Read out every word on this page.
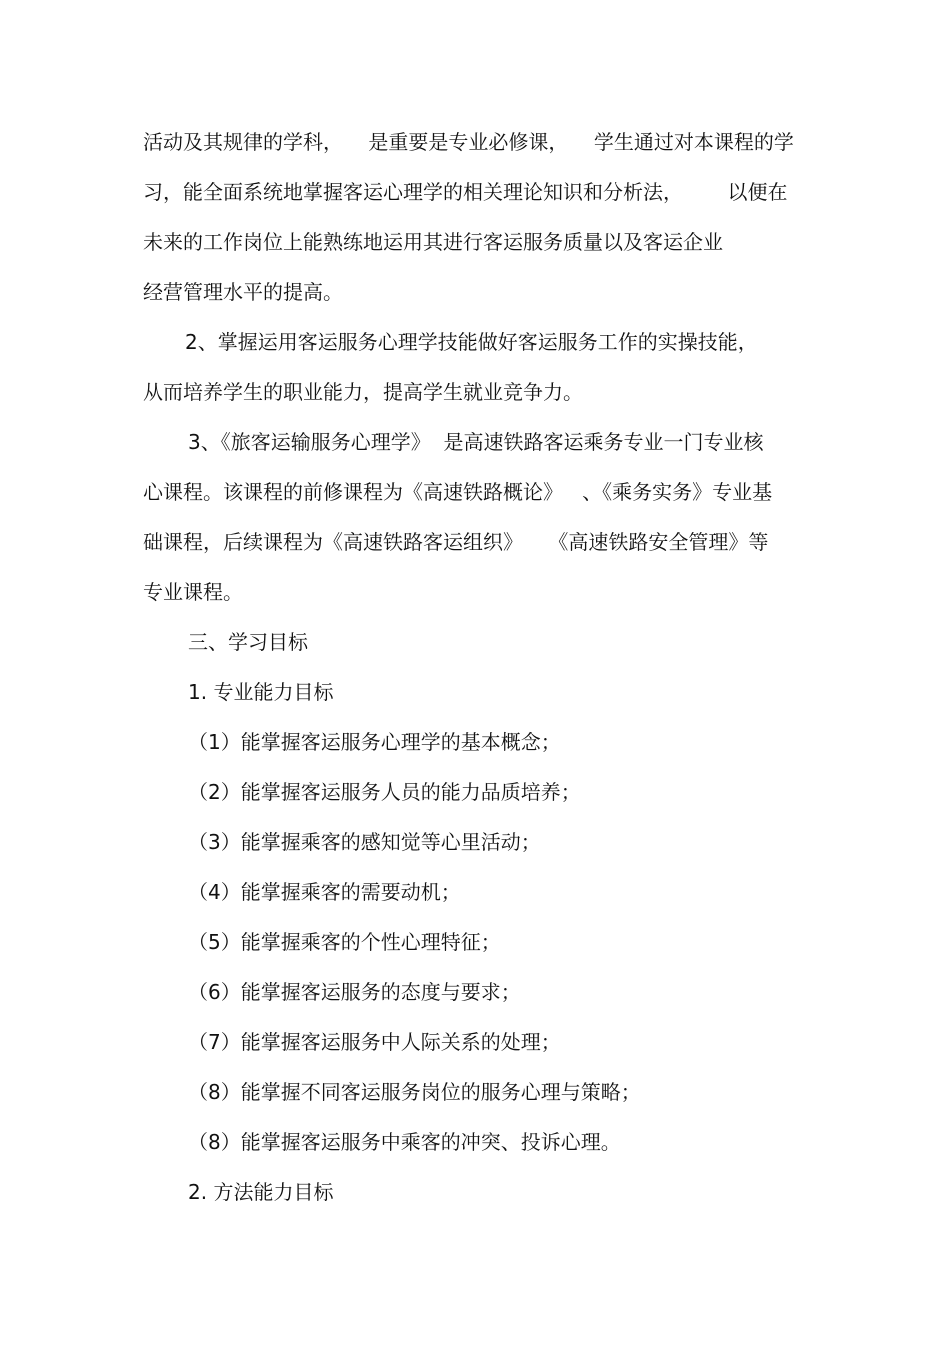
活动及其规律的学科，    是重要是专业必修课，    学生通过对本课程的学
习，能全面系统地掌握客运心理学的相关理论知识和分析法，       以便在
未来的工作岗位上能熟练地运用其进行客运服务质量以及客运企业
经营管理水平的提高。
2、掌握运用客运服务心理学技能做好客运服务工作的实操技能，
从而培养学生的职业能力，提高学生就业竞争力。
3、《旅客运输服务心理学》  是高速铁路客运乘务专业一门专业核
心课程。该课程的前修课程为《高速铁路概论》   、《乘务实务》专业基
础课程，后续课程为《高速铁路客运组织》    《高速铁路安全管理》等
专业课程。
三、学习目标
1. 专业能力目标
（1）能掌握客运服务心理学的基本概念；
（2）能掌握客运服务人员的能力品质培养；
（3）能掌握乘客的感知觉等心里活动；
（4）能掌握乘客的需要动机；
（5）能掌握乘客的个性心理特征；
（6）能掌握客运服务的态度与要求；
（7）能掌握客运服务中人际关系的处理；
（8）能掌握不同客运服务岗位的服务心理与策略；
（8）能掌握客运服务中乘客的冲突、投诉心理。
2. 方法能力目标
